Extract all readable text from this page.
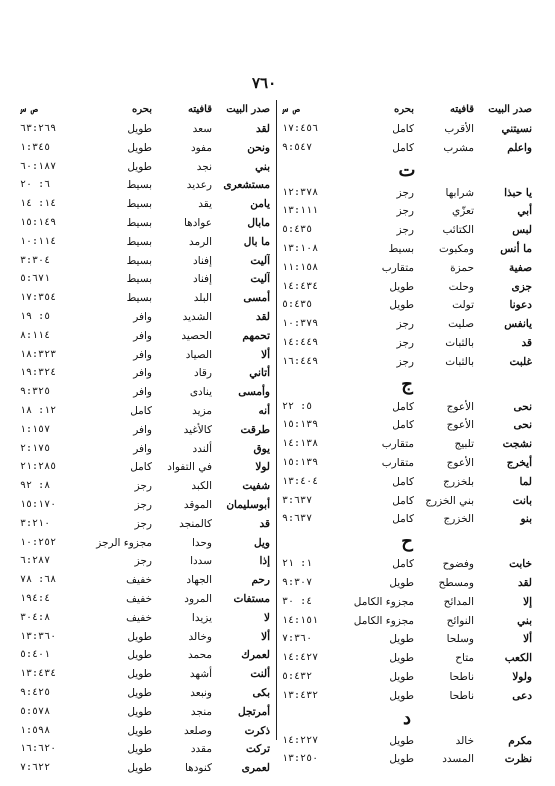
٧٦٠
صدر البيت
قافيته
بحره
ص س
نسيتني
الأقرب
كامل
١٧:٤٥٦
واعلم
مشرب
كامل
٩:٥٤٧
ت
يا حبذا
شرابها
رجز
١٢:٣٧٨
أبي
تعزّي
رجز
١٣:١١١
لبس
الكتائب
رجز
٥:٤٣٥
ما أنس
ومكبوت
بسيط
١٣:١٠٨
صفية
حمزة
متقارب
١١:١٥٨
جزى
وحلت
طويل
١٤:٤٣٤
دعونا
تولت
طويل
٥:٤٣٥
يانفس
صليت
رجز
١٠:٣٧٩
قد
بالثبات
رجز
١٤:٤٤٩
غلبت
بالثبات
رجز
١٦:٤٤٩
ج
نحى
الأعوج
كامل
٥: ٢٢
نحى
الأعوج
كامل
١٥:١٣٩
نشجت
تلبيج
متقارب
١٤:١٣٨
أيخرج
الأعوج
متقارب
١٥:١٣٩
لما
بلخزرج
كامل
١٣:٤٠٤
بانت
بني الخزرج
كامل
٣:٦٣٧
بنو
الخزرج
كامل
٩:٦٣٧
ح
خابت
وفضوح
كامل
١: ٢١
لقد
ومسطح
طويل
٩:٣٠٧
إلا
المدائح
مجزوء الكامل
٤: ٣٠
بني
النوائح
مجزوء الكامل
١٤:١٥١
ألا
وسلحا
طويل
٧:٣٦٠
الكعب
متاح
طويل
١٤:٤٢٧
ولولا
ناطحا
طويل
٥:٤٣٢
دعى
ناطحا
طويل
١٣:٤٣٢
د
مكرم
خالد
طويل
١٤:٢٢٧
نظرت
المسدد
طويل
١٣:٢٥٠
صدر البيت
قافيته
بحره
ص س
لقد
سعد
طويل
٦٣:٢٦٩
ونحن
مفود
طويل
١:٣٤٥
بني
نجد
طويل
٦٠:١٨٧
مستشعرى
رعديد
بسيط
٦: ٢٠
يامن
يقد
بسيط
١٤: ١٤
مابال
عوادها
بسيط
١٥:١٤٩
ما بال
الرمد
بسيط
١٠:١١٤
آليت
إفناد
بسيط
٣:٣٠٤
آليت
إفناد
بسيط
٥:٦٧١
أمسى
البلد
بسيط
١٧:٣٥٤
لقد
الشديد
وافر
٥: ١٩
تحمهم
الحصيد
وافر
٨:١١٤
ألا
الصياد
وافر
١٨:٣٢٣
أتاني
رقاد
وافر
١٩:٣٢٤
وأمسى
ينادى
وافر
٩:٣٢٥
أنه
مزيد
كامل
١٢: ١٨
طرقت
كالأغيد
وافر
١:١٥٧
يوق
ألندد
وافر
٢:١٧٥
لولا
في التفواد
كامل
٢١:٢٨٥
شفيت
الكبد
رجز
٨: ٩٢
أبوسليمان
الموقد
رجز
١٥:١٧٠
قد
كالمنجد
رجز
٣:٢١٠
ويل
وحدا
مجزوء الرجز
١٠:٢٥٢
إذا
سددا
رجز
٦:٢٨٧
رحم
الجهاد
خفيف
٦٨: ٧٨
مستفات
المرود
خفيف
١٩٤:٤
لا
يزيدا
خفيف
٣٠٤:٨
ألا
وخالد
طويل
١٣:٣٦٠
لعمرك
محمد
طويل
٥:٤٠١
ألنت
أشهد
طويل
١٣:٤٣٤
بكى
ونبعد
طويل
٩:٤٢٥
أمرتجل
منجد
طويل
٥:٥٧٨
ذكرت
وصلعد
طويل
١:٥٩٨
تركت
مقدد
طويل
١٦:٦٢٠
لعمرى
كنودها
طويل
٧:٦٢٢
